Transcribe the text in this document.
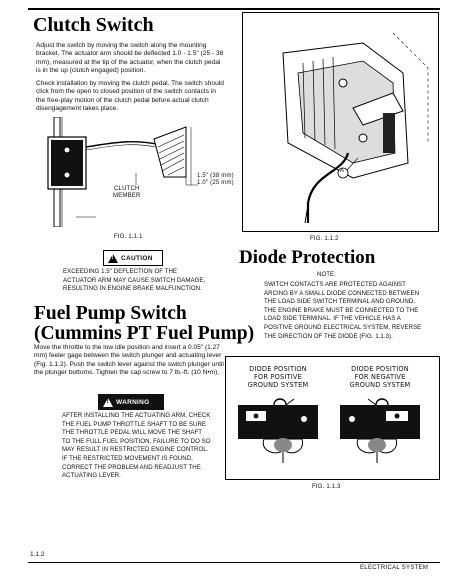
Clutch Switch
Adjust the switch by moving the switch along the mounting bracket. The actuator arm should be deflected 1.0 - 1.5" (25 - 38 mm), measured at the tip of the actuator, when the clutch pedal is in the up (clutch engaged) position.
Check installation by moving the clutch pedal. The switch should click from the open to closed position of the switch contacts in the free-play motion of the clutch pedal before actual clutch disengagement takes place.
1.5" (38 mm)
1.0" (25 mm)
CLUTCH
MEMBER
FIG. 1.1.1
! CAUTION
EXCEEDING 1.5" DEFLECTION OF THE ACTUATOR ARM MAY CAUSE SWITCH DAMAGE, RESULTING IN ENGINE BRAKE MALFUNCTION.
Fuel Pump Switch
(Cummins PT Fuel Pump)
Move the throttle to the low idle position and insert a 0.05" (1.27 mm) feeler gage between the switch plunger and actuating lever (Fig. 1.1.2). Push the switch lever against the switch plunger until the plunger bottoms. Tighten the cap screw to 7 lb.-ft. (10 N•m).
! WARNING
AFTER INSTALLING THE ACTUATING ARM, CHECK THE FUEL PUMP THROTTLE SHAFT TO BE SURE THE THROTTLE PEDAL WILL MOVE THE SHAFT TO THE FULL FUEL POSITION. FAILURE TO DO SO MAY RESULT IN RESTRICTED ENGINE CONTROL. IF THE RESTRICTED MOVEMENT IS FOUND, CORRECT THE PROBLEM AND READJUST THE ACTUATING LEVER.
A
FIG. 1.1.2
Diode Protection
NOTE:
SWITCH CONTACTS ARE PROTECTED AGAINST ARCING BY A SMALL DIODE CONNECTED BETWEEN THE LOAD SIDE SWITCH TERMINAL AND GROUND. THE ENGINE BRAKE MUST BE CONNECTED TO THE LOAD SIDE TERMINAL. IF THE VEHICLE HAS A POSITIVE GROUND ELECTRICAL SYSTEM, REVERSE THE DIRECTION OF THE DIODE (FIG. 1.1.3).
DIODE POSITION
FOR POSITIVE
GROUND SYSTEM
DIODE POSITION
FOR NEGATIVE
GROUND SYSTEM
FIG. 1.1.3
1.1.2
ELECTRICAL SYSTEM
